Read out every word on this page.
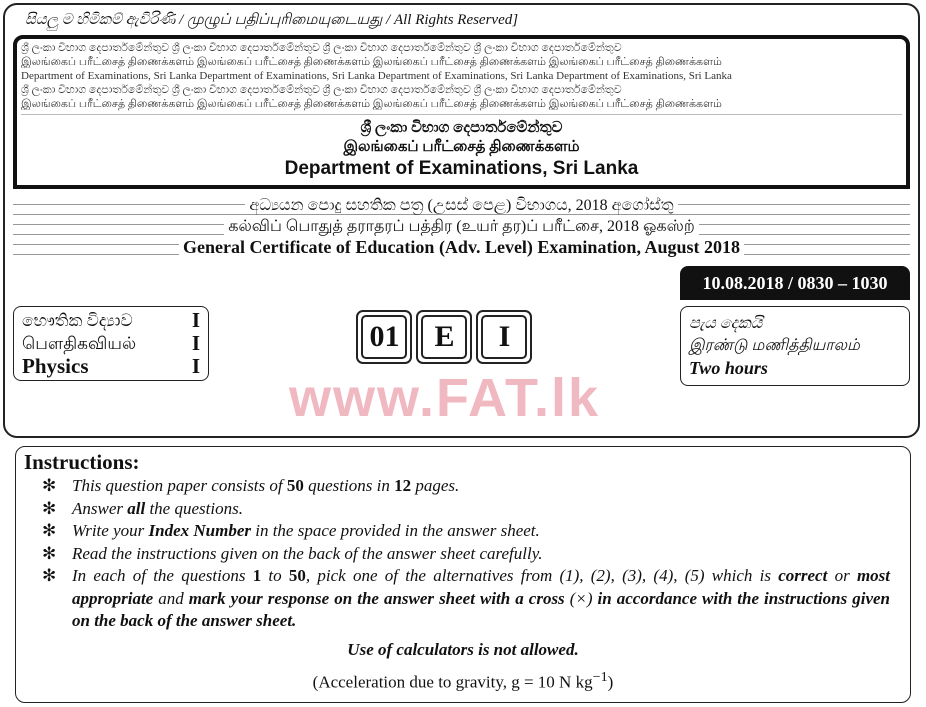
සියලු ම හිමිකම් ඇවිරිණි / முழுப் பதிப்புரிமையுடையது / All Rights Reserved]
ශ්‍රී ලංකා විභාග දෙපාර්තමේන්තුව ශ්‍රී ලංකා විභාග දෙපාර්තමේන්තුව ශ්‍රී ලංකා විභාග දෙපාර්තමේන්තුව ශ්‍රී ලංකා විභාග දෙපාර්තමේන්තුව
இலங்கைப் பரீட்சைத் திணைக்களம் இலங்கைப் பரீட்சைத் திணைக்களம் இலங்கைப் பரீட்சைத் திணைக்களம் இலங்கைப் பரீட்சைத் திணைக்களம்
Department of Examinations, Sri Lanka Department of Examinations, Sri Lanka Department of Examinations, Sri Lanka Department of Examinations, Sri Lanka
ශ්‍රී ලංකා විභාග දෙපාර්තමේන්තුව ශ්‍රී ලංකා විභාග දෙපාර්තමේන්තුව ශ්‍රී ලංකා විභාග දෙපාර්තමේන්තුව ශ්‍රී ලංකා විභාග දෙපාර්තමේන්තුව
இலங்கைப் பரீட்சைத் திணைக்களம் இலங்கைப் பரீட்சைத் திணைக்களம் இலங்கைப் பரீட்சைத் திணைக்களம் இலங்கைப் பரீட்சைத் திணைக்களம்
ශ්‍රී ලංකා විභාග දෙපාර්තමේන්තුව
இலங்கைப் பரீட்சைத் திணைக்களம்
Department of Examinations, Sri Lanka
අධ්‍යයන පොදු සහතික පත්‍ර (උසස් පෙළ) විභාගය, 2018 අගෝස්තු
கல்விப் பொதுத் தராதரப் பத்திர (உயர் தர)ப் பரீட்சை, 2018 ஓகஸ்ற்
General Certificate of Education (Adv. Level) Examination, August 2018
භෞතික විද්‍යාව	I
பௌதிகவியல்	I
Physics	I
01	E	I
www.FAT.lk
10.08.2018 / 0830 – 1030
පැය දෙකයි
இரண்டு மணித்தியாலம்
Two hours
Instructions:
✻ This question paper consists of 50 questions in 12 pages.
✻ Answer all the questions.
✻ Write your Index Number in the space provided in the answer sheet.
✻ Read the instructions given on the back of the answer sheet carefully.
✻ In each of the questions 1 to 50, pick one of the alternatives from (1), (2), (3), (4), (5) which is correct or most appropriate and mark your response on the answer sheet with a cross (×) in accordance with the instructions given on the back of the answer sheet.
Use of calculators is not allowed.
(Acceleration due to gravity, g = 10 N $kg^{-1}$)
